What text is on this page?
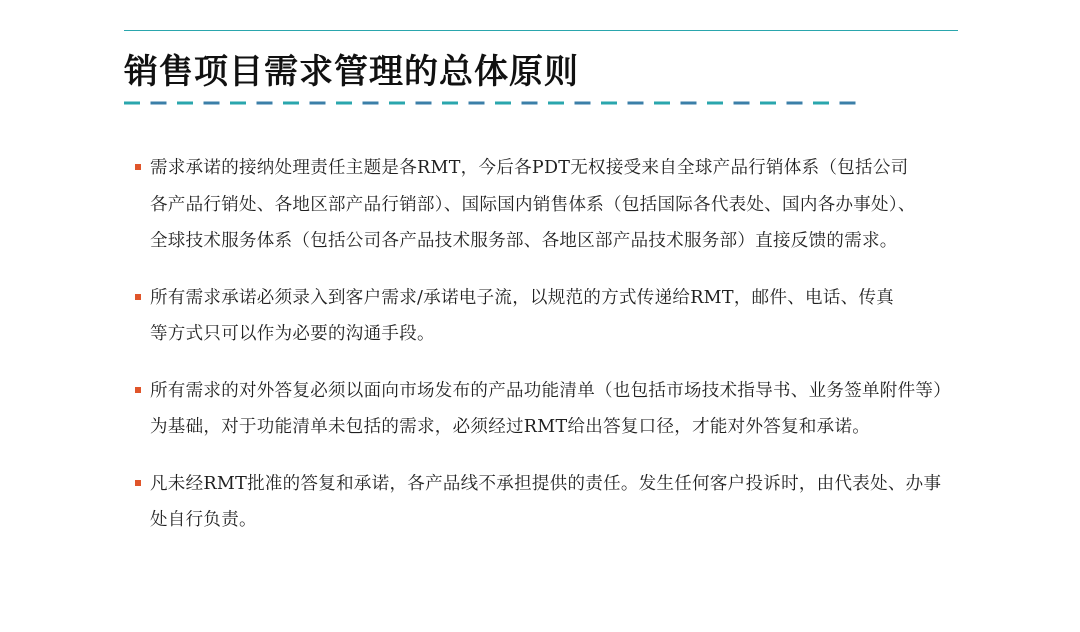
销售项目需求管理的总体原则
需求承诺的接纳处理责任主题是各RMT，今后各PDT无权接受来自全球产品行销体系（包括公司各产品行销处、各地区部产品行销部）、国际国内销售体系（包括国际各代表处、国内各办事处）、全球技术服务体系（包括公司各产品技术服务部、各地区部产品技术服务部）直接反馈的需求。
所有需求承诺必须录入到客户需求/承诺电子流，以规范的方式传递给RMT，邮件、电话、传真等方式只可以作为必要的沟通手段。
所有需求的对外答复必须以面向市场发布的产品功能清单（也包括市场技术指导书、业务签单附件等）为基础，对于功能清单未包括的需求，必须经过RMT给出答复口径，才能对外答复和承诺。
凡未经RMT批准的答复和承诺，各产品线不承担提供的责任。发生任何客户投诉时，由代表处、办事处自行负责。
